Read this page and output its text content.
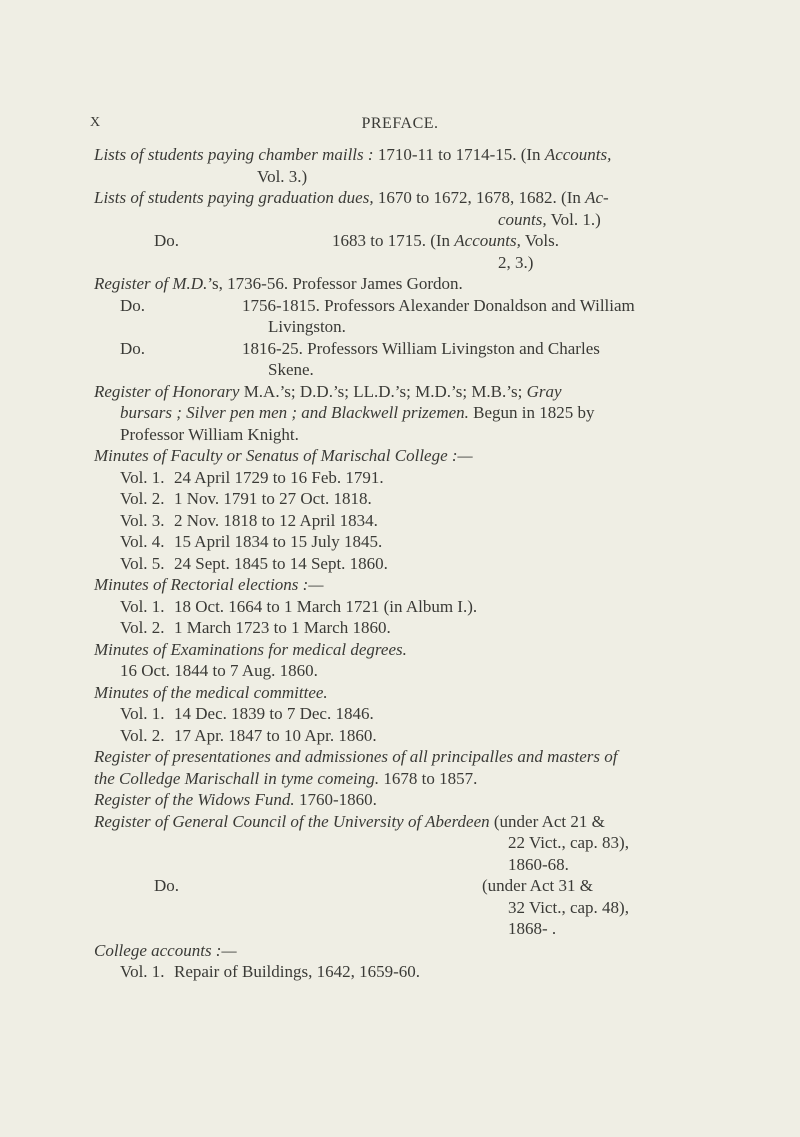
X	PREFACE.

Lists of students paying chamber maills : 1710-11 to 1714-15. (In Accounts,
Vol. 3.)

Lists of students paying graduation dues, 1670 to 1672, 1678, 1682. (In Ac-
counts, Vol. 1.)

Do.	1683 to 1715. (In Accounts, Vols.
2, 3.)

Register of M.D.’s, 1736-56. Professor James Gordon.

Do.	1756-1815. Professors Alexander Donaldson and William
Livingston.

Do.	1816-25. Professors William Livingston and Charles
Skene.

Register of Honorary M.A.’s; D.D.’s; LL.D.’s; M.D.’s; M.B.’s; Gray
bursars ; Silver pen men ; and Blackwell prizemen. Begun in 1825 by
Professor William Knight.

Minutes of Faculty or Senatus of Marischal College :—

Vol. 1. 24 April 1729 to 16 Feb. 1791.

Vol. 2. 1 Nov. 1791 to 27 Oct. 1818.

Vol. 3. 2 Nov. 1818 to 12 April 1834.

Vol. 4. 15 April 1834 to 15 July 1845.

Vol. 5. 24 Sept. 1845 to 14 Sept. 1860.

Minutes of Rectorial elections :—

Vol. 1. 18 Oct. 1664 to 1 March 1721 (in Album I.).

Vol. 2. 1 March 1723 to 1 March 1860.

Minutes of Examinations for medical degrees.

16 Oct. 1844 to 7 Aug. 1860.

Minutes of the medical committee.

Vol. 1. 14 Dec. 1839 to 7 Dec. 1846.

Vol. 2. 17 Apr. 1847 to 10 Apr. 1860.

Register of presentationes and admissiones of all principalles and masters of
the Colledge Marischall in tyme comeing. 1678 to 1857.

Register of the Widows Fund. 1760-1860.

Register of General Council of the University of Aberdeen (under Act 21 &
22 Vict., cap. 83),
1860-68.

Do.	(under Act 31 &
32 Vict., cap. 48),
1868- .

College accounts :—

Vol. 1. Repair of Buildings, 1642, 1659-60.
